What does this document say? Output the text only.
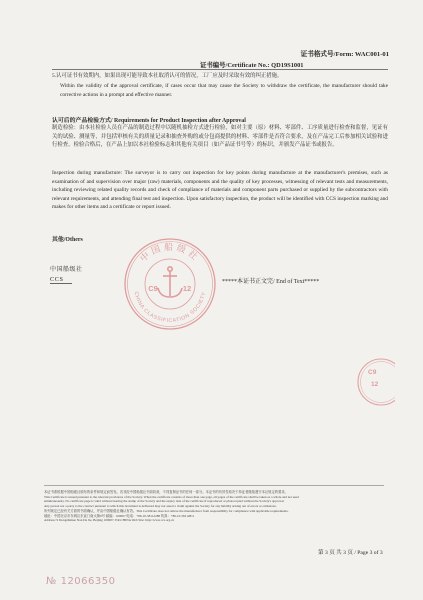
证书格式号/Form: WAC001-01
证书编号/Certificate No.: QD19S1001
5.认可证书有效期内，如果出现可能导致本社取消认可的情况，工厂应及时采取有效的纠正措施。
Within the validity of the approval certificate, if cases occur that may cause the Society to withdraw the certificate, the manufacturer should take corrective actions in a prompt and effective manner.
认可后的产品检验方式/ Requirements for Product Inspection after Approval
制造检验：由本社检验人员在产品的制造过程中以随机抽检方式进行检验，如对主要（原）材料、零部件、工序质量进行检查和监督，见证有关的试验、测量等，并包括审核有关的质量记录和抽查外购的或分包商提供的材料、零部件是否符合要求，及在产品完工后参加相关试验和进行检查。检验合格后，在产品上加以本社检验标志和其他有关项目（如产品证书号等）的标识，并颁发产品证书或报告。
Inspection during manufacture: The surveyor is to carry out inspection for key points during manufacture at the manufacturer's premises, such as examination of and supervision over major (raw) materials, components and the quality of key processes, witnessing of relevant tests and measurements, including reviewing related quality records and check of compliance of materials and component parts purchased or supplied by the subcontractors with relevant requirements, and attending final test and inspection. Upon satisfactory inspection, the product will be identified with CCS inspection marking and makes for other items and a certificate or report issued.
其他/Others
中国船级社
CCS	*****本证书正文完/ End of Text*****
中国船级社
CHINA CLASSIFICATION SOCIETY
C9	12
C9
12
本证书系根据中国船级社颁布的条件和规定而签发。若非经中国船级社书面同意，不得复制证书的任何一部分。本证书的有效性取决于持证者继续遵守本社规定的要求。
This Certificate is issued pursuant to the relevant provisions of the Society. When the certificate consists of more than one page, all pages of the certificate shall be taken as a whole and not used
simultaneously. No certificate page is valid without bearing the stamp of the Society and the expiry date of the certificate if reproduced or photocopied without the Society's approval.
Any person not a party to the contract pursuant to which this document is delivered may not assert a claim against the Society for any liability arising out of errors or omissions.
所列规定已经有关方面的书面确认，并由中国船级社确认有效。This Certificate does not relieve the manufacturer from responsibility for compliance with applicable requirements.
地址：中国北京市东城区东直门南大街9号 邮编：100007 电话：+86-10-58112288 传真：+86-10-58112811
Address: 9 Dongzhimen Nan Da Jie, Beijing 100007, P.R.CHINA Web Site: http://www.ccs.org.cn
第 3 页 共 3 页 / Page 3 of 3
№ 12066350
